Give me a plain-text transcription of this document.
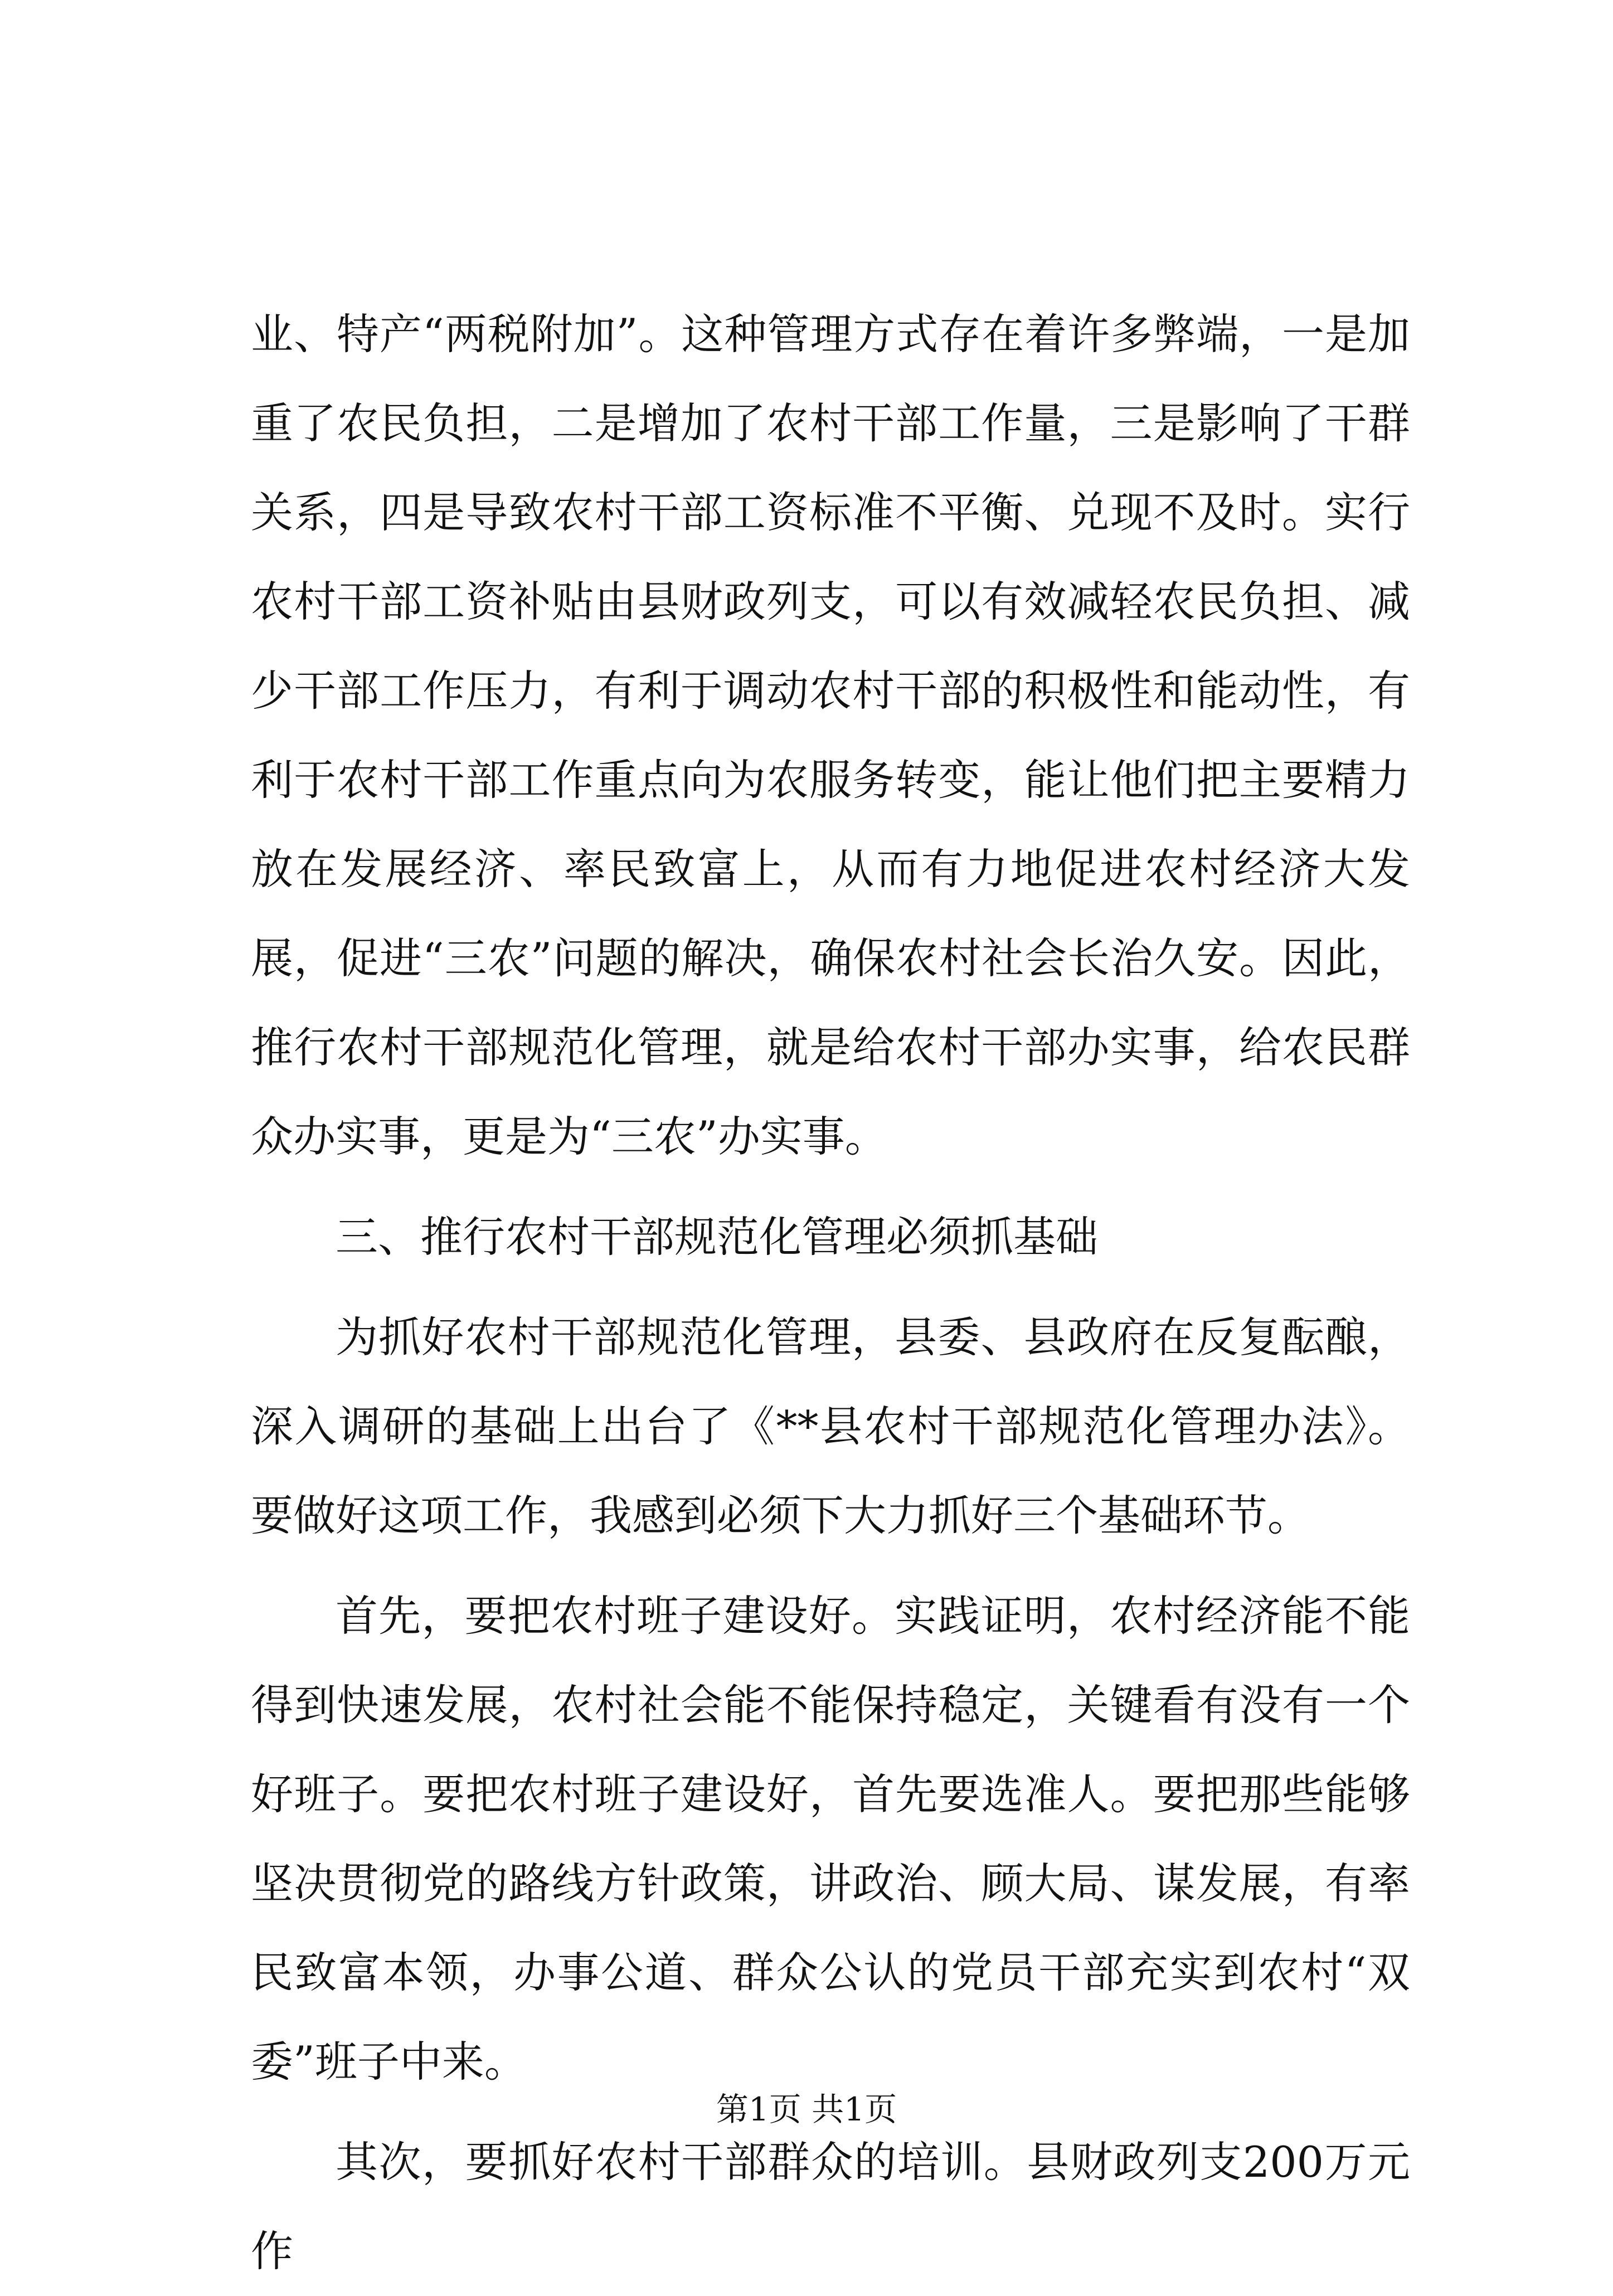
业、特产“两税附加”。这种管理方式存在着许多弊端，一是加重了农民负担，二是增加了农村干部工作量，三是影响了干群关系，四是导致农村干部工资标准不平衡、兑现不及时。实行农村干部工资补贴由县财政列支，可以有效减轻农民负担、减少干部工作压力，有利于调动农村干部的积极性和能动性，有利于农村干部工作重点向为农服务转变，能让他们把主要精力放在发展经济、率民致富上，从而有力地促进农村经济大发展，促进“三农”问题的解决，确保农村社会长治久安。因此，推行农村干部规范化管理，就是给农村干部办实事，给农民群众办实事，更是为“三农”办实事。

三、推行农村干部规范化管理必须抓基础

为抓好农村干部规范化管理，县委、县政府在反复酝酿，深入调研的基础上出台了《**县农村干部规范化管理办法》。要做好这项工作，我感到必须下大力抓好三个基础环节。

首先，要把农村班子建设好。实践证明，农村经济能不能得到快速发展，农村社会能不能保持稳定，关键看有没有一个好班子。要把农村班子建设好，首先要选准人。要把那些能够坚决贯彻党的路线方针政策，讲政治、顾大局、谋发展，有率民致富本领，办事公道、群众公认的党员干部充实到农村“双委”班子中来。

其次，要抓好农村干部群众的培训。县财政列支200万元作

第1页 共1页
